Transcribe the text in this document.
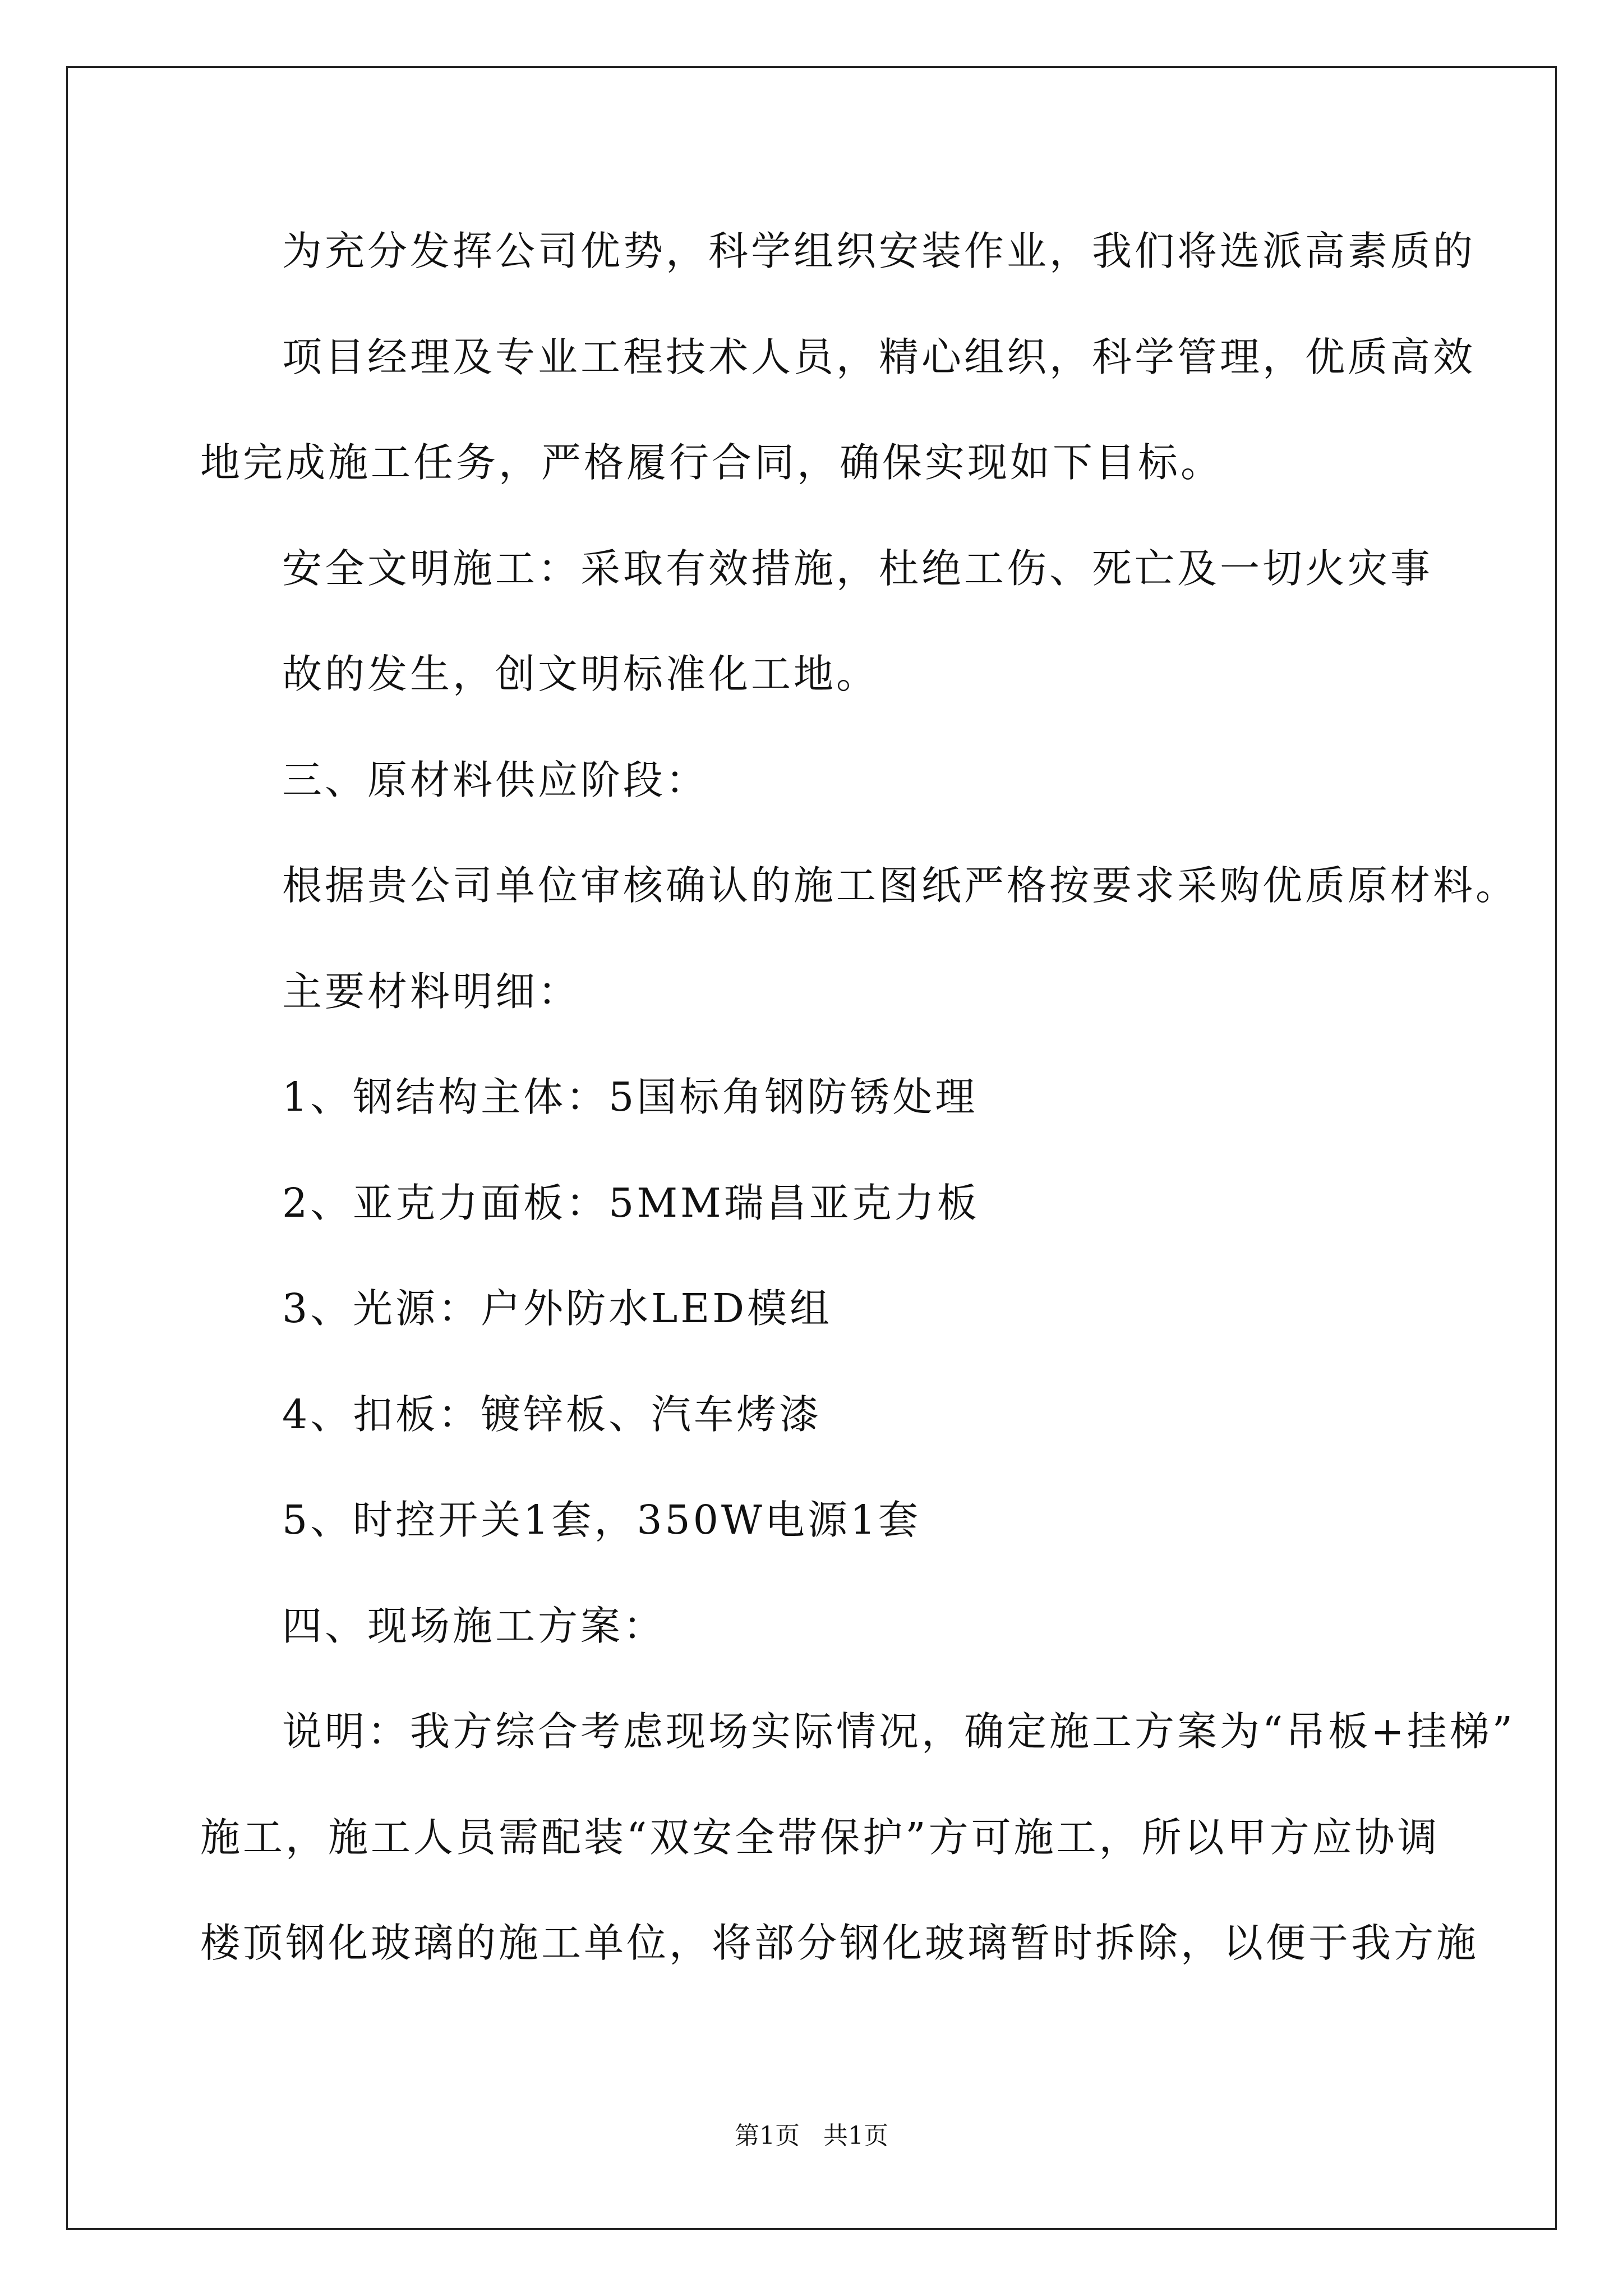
为充分发挥公司优势，科学组织安装作业，我们将选派高素质的
项目经理及专业工程技术人员，精心组织，科学管理，优质高效
地完成施工任务，严格履行合同，确保实现如下目标。
安全文明施工：采取有效措施，杜绝工伤、死亡及一切火灾事
故的发生，创文明标准化工地。
三、原材料供应阶段：
根据贵公司单位审核确认的施工图纸严格按要求采购优质原材料。
主要材料明细：
1、钢结构主体：5国标角钢防锈处理
2、亚克力面板：5MM瑞昌亚克力板
3、光源：户外防水LED模组
4、扣板：镀锌板、汽车烤漆
5、时控开关1套，350W电源1套
四、现场施工方案：
说明：我方综合考虑现场实际情况，确定施工方案为“吊板+挂梯”
施工，施工人员需配装“双安全带保护”方可施工，所以甲方应协调
楼顶钢化玻璃的施工单位，将部分钢化玻璃暂时拆除，以便于我方施
第1页   共1页
